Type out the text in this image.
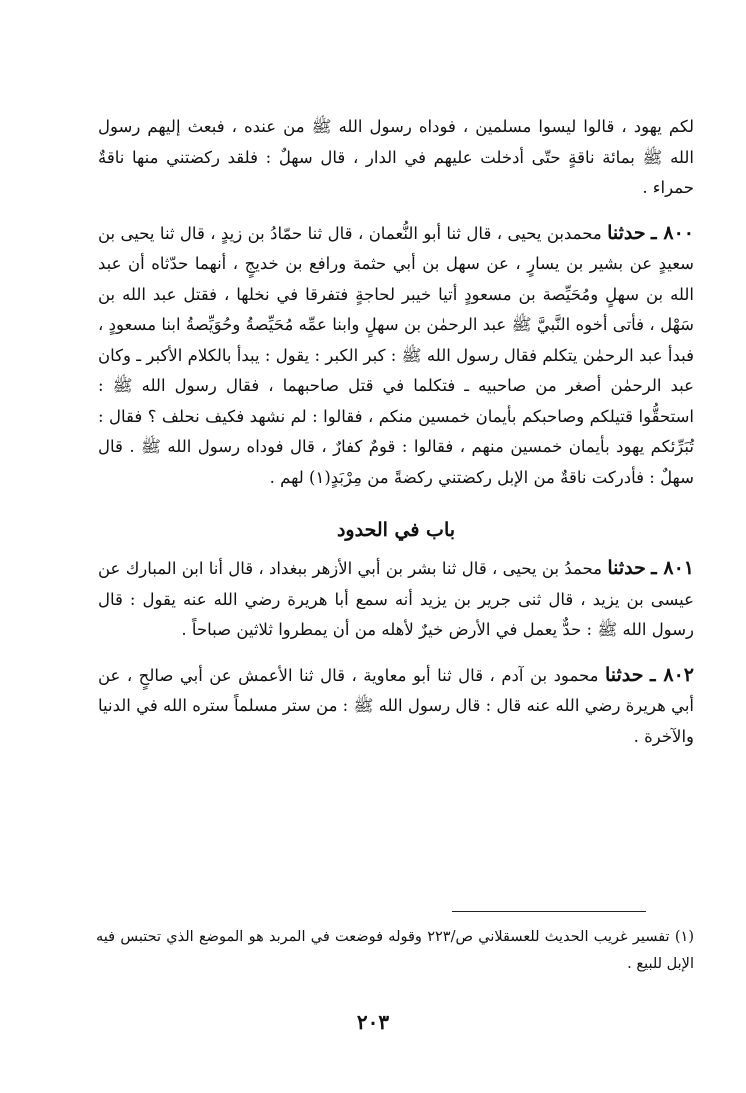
لكم يهود ، قالوا ليسوا مسلمين ، فوداه رسول الله ﷺ من عنده ، فبعث إليهم رسول الله ﷺ بمائة ناقةٍ حتّى أدخلت عليهم في الدار ، قال سهلٌ : فلقد ركضتني منها ناقةٌ حمراء .

٨٠٠ ـ حدثنا محمدبن يحيى ، قال ثنا أبو النُّعمان ، قال ثنا حمّادُ بن زيدٍ ، قال ثنا يحيى بن سعيدٍ عن بشير بن يسارٍ ، عن سهل بن أبي حثمة ورافع بن خديجٍ ، أنهما حدّثاه أن عبد الله بن سهلٍ ومُحَيِّصة بن مسعودٍ أتيا خيبر لحاجةٍ فتفرقا في نخلها ، فقتل عبد الله بن سَهْل ، فأتى أخوه النَّبيَّ ﷺ عبد الرحمٰن بن سهلٍ وابنا عمِّه مُحَيِّصةُ وحُوَيِّصةُ ابنا مسعودٍ ، فبدأ عبد الرحمٰن يتكلم فقال رسول الله ﷺ : كبر الكبر : يقول : يبدأ بالكلام الأكبر ـ وكان عبد الرحمٰن أصغر من صاحبيه ـ فتكلما في قتل صاحبهما ، فقال رسول الله ﷺ : استحقُّوا قتيلكم وصاحبكم بأيمان خمسين منكم ، فقالوا : لم نشهد فكيف نحلف ؟ فقال : تُبَرِّئكم يهود بأيمان خمسين منهم ، فقالوا : قومٌ كفارٌ ، قال فوداه رسول الله ﷺ . قال سهلٌ : فأدركت ناقةٌ من الإبل ركضتني ركضةً من مِرْبَدٍ(١) لهم .

باب في الحدود

٨٠١ ـ حدثنا محمدُ بن يحيى ، قال ثنا بشر بن أبي الأزهر ببغداد ، قال أنا ابن المبارك عن عيسى بن يزيد ، قال ثنى جرير بن يزيد أنه سمع أبا هريرة رضي الله عنه يقول : قال رسول الله ﷺ : حدٌّ يعمل في الأرض خيرٌ لأهله من أن يمطروا ثلاثين صباحاً .

٨٠٢ ـ حدثنا محمود بن آدم ، قال ثنا أبو معاوية ، قال ثنا الأعمش عن أبي صالحٍ ، عن أبي هريرة رضي الله عنه قال : قال رسول الله ﷺ : من ستر مسلماً ستره الله في الدنيا والآخرة .

(١) تفسير غريب الحديث للعسقلاني ص/٢٢٣ وقوله فوضعت في المربد هو الموضع الذي تحتبس فيه الإبل للبيع .
٢٠٣
